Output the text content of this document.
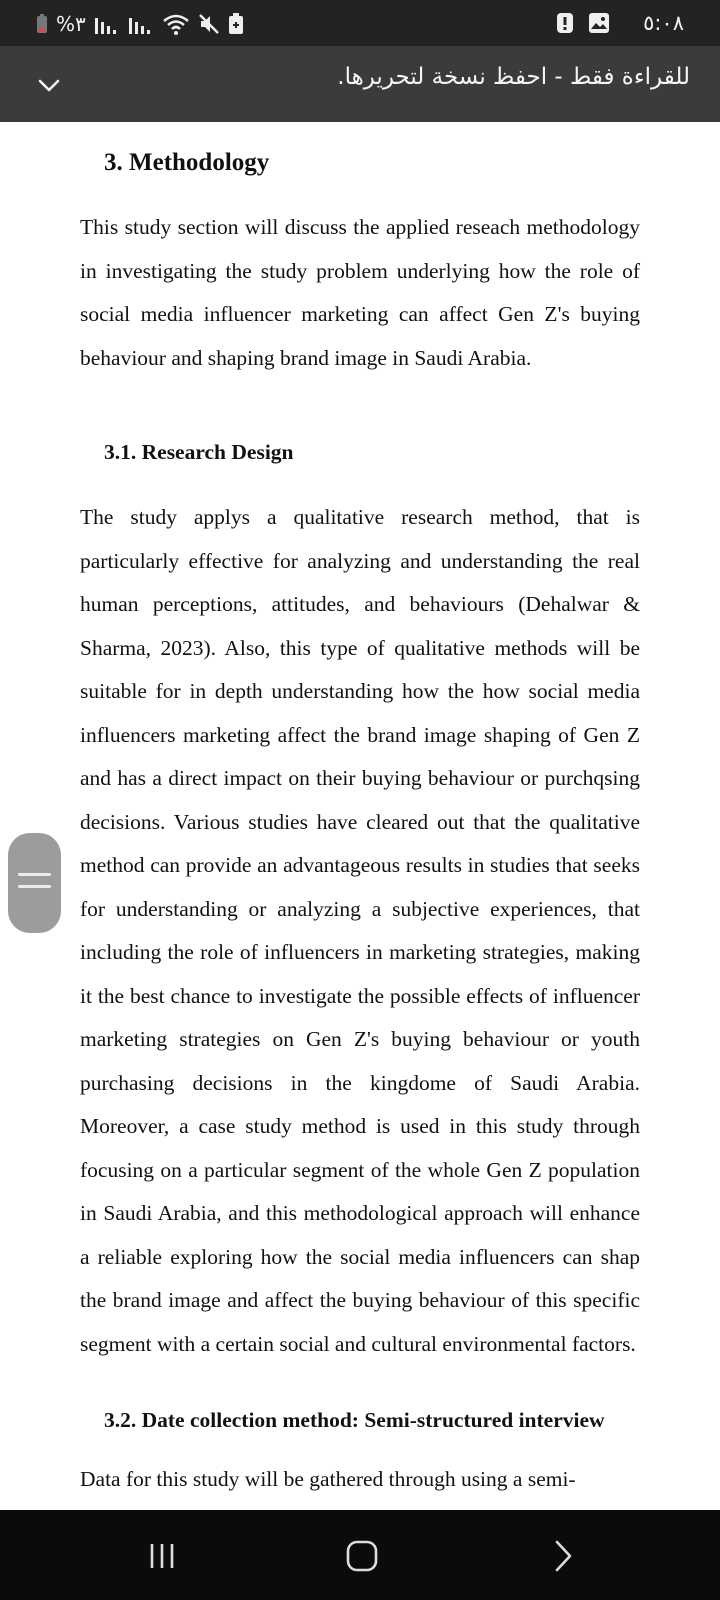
%٣	٥:٠٨
للقراءة فقط - احفظ نسخة لتحريرها.
3. Methodology

This study section will discuss the applied reseach methodology in investigating the study problem underlying how the role of social media influencer marketing can affect Gen Z's buying behaviour and shaping brand image in Saudi Arabia.

3.1. Research Design

The study applys a qualitative research method, that is particularly effective for analyzing and understanding the real human perceptions, attitudes, and behaviours (Dehalwar & Sharma, 2023). Also, this type of qualitative methods will be suitable for in depth understanding how the how social media influencers marketing affect the brand image shaping of Gen Z and has a direct impact on their buying behaviour or purchqsing decisions. Various studies have cleared out that the qualitative method can provide an advantageous results in studies that seeks for understanding or analyzing a subjective experiences, that including the role of influencers in marketing strategies, making it the best chance to investigate the possible effects of influencer marketing strategies on Gen Z's buying behaviour or youth purchasing decisions in the kingdome of Saudi Arabia. Moreover, a case study method is used in this study through focusing on a particular segment of the whole Gen Z population in Saudi Arabia, and this methodological approach will enhance a reliable exploring how the social media influencers can shap the brand image and affect the buying behaviour of this specific segment with a certain social and cultural environmental factors.

3.2. Date collection method: Semi-structured interview

Data for this study will be gathered through using a semi-
